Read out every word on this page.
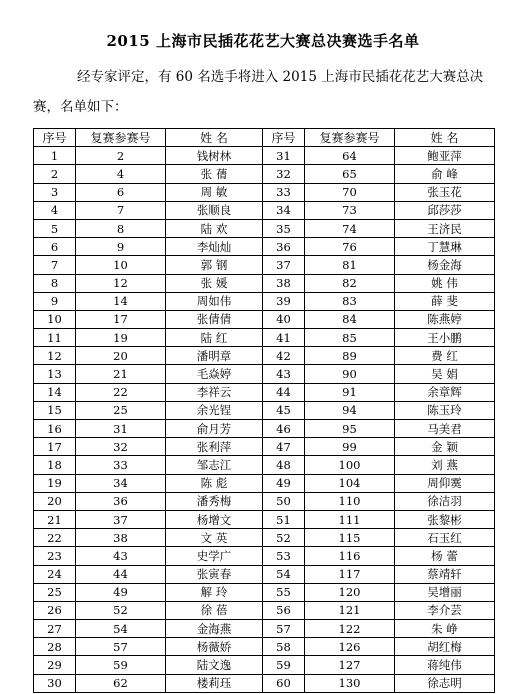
2015 上海市民插花花艺大赛总决赛选手名单
经专家评定，有 60 名选手将进入 2015 上海市民插花花艺大赛总决赛，名单如下：
序号	复赛参赛号	姓 名	序号	复赛参赛号	姓 名
1	2	钱树林	31	64	鲍亚萍
2	4	张 蒨	32	65	俞 峰
3	6	周 敏	33	70	张玉花
4	7	张顺良	34	73	邱莎莎
5	8	陆 欢	35	74	王济民
6	9	李灿灿	36	76	丁慧琳
7	10	郭 钢	37	81	杨金海
8	12	张 媛	38	82	姚 伟
9	14	周如伟	39	83	薛 斐
10	17	张倩倩	40	84	陈燕婷
11	19	陆 红	41	85	王小鹏
12	20	潘明章	42	89	费 红
13	21	毛焱婷	43	90	吴 娟
14	22	李祥云	44	91	余章辉
15	25	余光锃	45	94	陈玉玲
16	31	俞月芳	46	95	马美君
17	32	张利萍	47	99	金 颖
18	33	邹志江	48	100	刘 燕
19	34	陈 彪	49	104	周仰霙
20	36	潘秀梅	50	110	徐洁羽
21	37	杨增文	51	111	张黎彬
22	38	文 英	52	115	石玉红
23	43	史学广	53	116	杨 蕾
24	44	张寅春	54	117	蔡靖轩
25	49	解 玲	55	120	吴增丽
26	52	徐 蓓	56	121	李介芸
27	54	金海燕	57	122	朱 峥
28	57	杨薇娇	58	126	胡红梅
29	59	陆文逸	59	127	蒋纯伟
30	62	楼莉珏	60	130	徐志明
